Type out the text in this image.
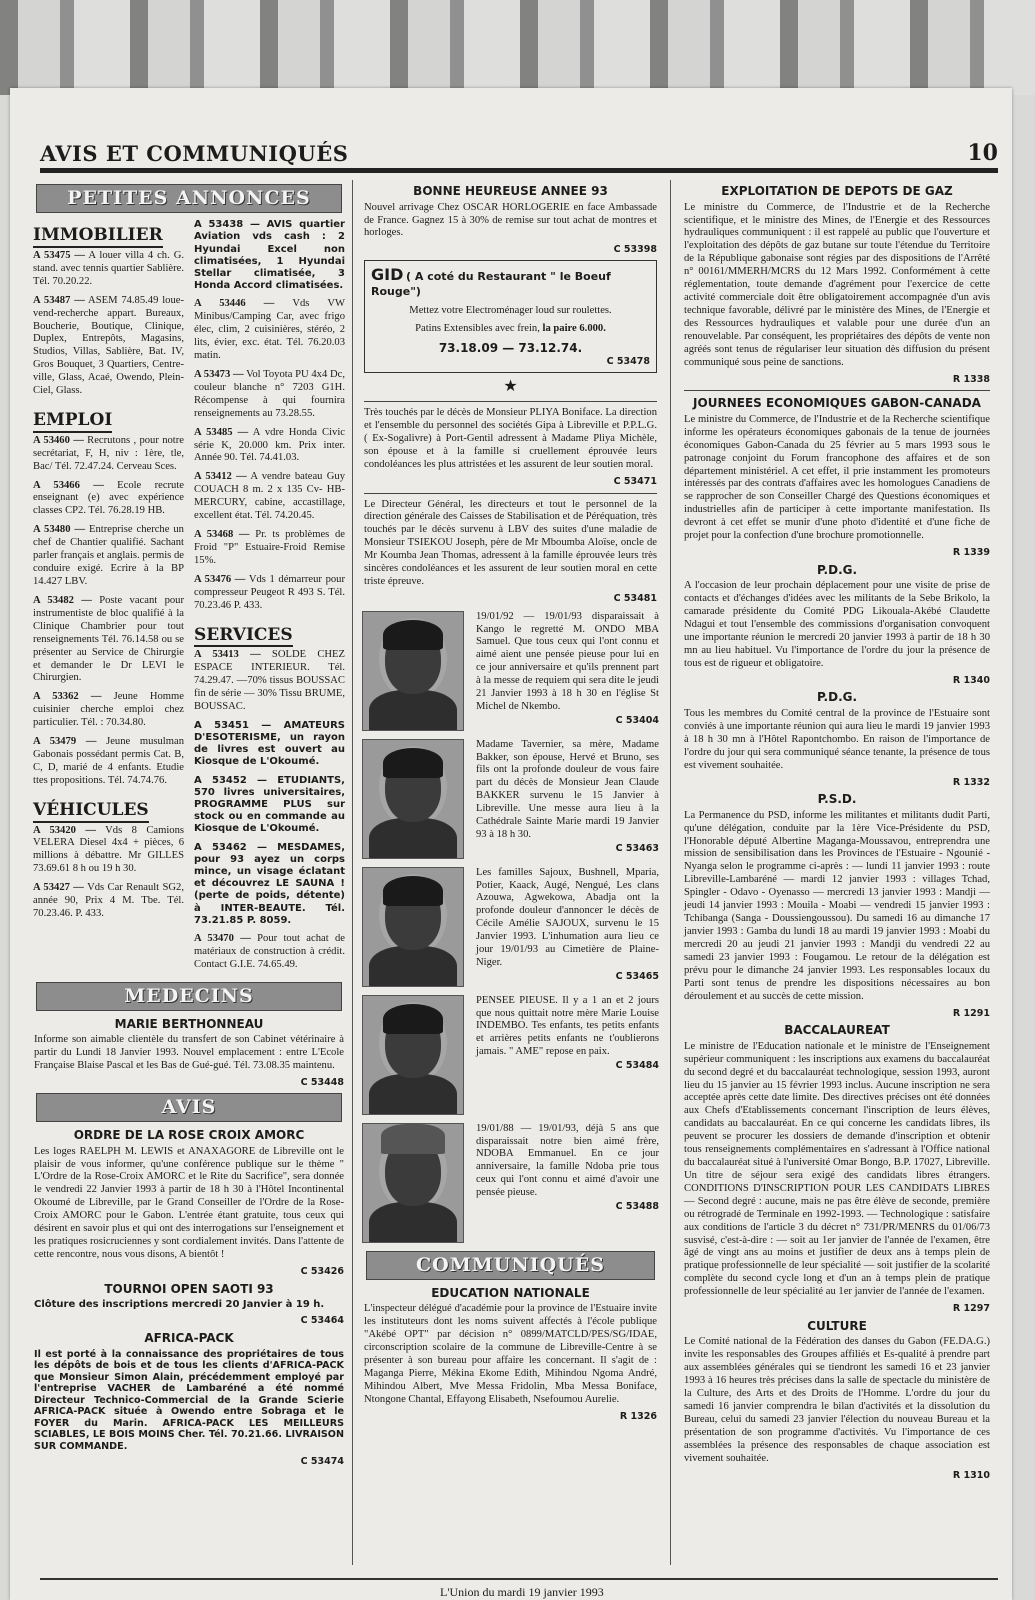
AVIS ET COMMUNIQUÉS	10
PETITES ANNONCES
IMMOBILIER
A 53475 — A louer villa 4 ch. G. stand. avec tennis quartier Sablière. Tél. 70.20.22.
A 53487 — ASEM 74.85.49 loue-vend-recherche appart. Bureaux, Boucherie, Boutique, Clinique, Duplex, Entrepôts, Magasins, Studios, Villas, Sablière, Bat. IV, Gros Bouquet, 3 Quartiers, Centre-ville, Glass, Acaé, Owendo, Plein-Ciel, Glass.
EMPLOI
A 53460 — Recrutons , pour notre secrétariat, F, H, niv : 1ère, tle, Bac/ Tél. 72.47.24. Cerveau Sces.
A 53466 — Ecole recrute enseignant (e) avec expérience classes CP2. Tél. 76.28.19 HB.
A 53480 — Entreprise cherche un chef de Chantier qualifié. Sachant parler français et anglais. permis de conduire exigé. Ecrire à la BP 14.427 LBV.
A 53482 — Poste vacant pour instrumentiste de bloc qualifié à la Clinique Chambrier pour tout renseignements Tél. 76.14.58 ou se présenter au Service de Chirurgie et demander le Dr LEVI le Chirurgien.
A 53362 — Jeune Homme cuisinier cherche emploi chez particulier. Tél. : 70.34.80.
A 53479 — Jeune musulman Gabonais possédant permis Cat. B, C, D, marié de 4 enfants. Etudie ttes propositions. Tél. 74.74.76.
VÉHICULES
A 53420 — Vds 8 Camions VELERA Diesel 4x4 + pièces, 6 millions à débattre. Mr GILLES 73.69.61 8 h ou 19 h 30.
A 53427 — Vds Car Renault SG2, année 90, Prix 4 M. Tbe. Tél. 70.23.46. P. 433.
A 53438 — AVIS quartier Aviation vds cash : 2 Hyundai Excel non climatisées, 1 Hyundai Stellar climatisée, 3 Honda Accord climatisées.
A 53446 — Vds VW Minibus/Camping Car, avec frigo élec, clim, 2 cuisinières, stéréo, 2 lits, évier, exc. état. Tél. 76.20.03 matin.
A 53473 — Vol Toyota PU 4x4 Dc, couleur blanche n° 7203 G1H. Récompense à qui fournira renseignements au 73.28.55.
A 53485 — A vdre Honda Civic série K, 20.000 km. Prix inter. Année 90. Tél. 74.41.03.
A 53412 — A vendre bateau Guy COUACH 8 m. 2 x 135 Cv- HB- MERCURY, cabine, accastillage, excellent état. Tél. 74.20.45.
A 53468 — Pr. ts problèmes de Froid "P" Estuaire-Froid Remise 15%.
A 53476 — Vds 1 démarreur pour compresseur Peugeot R 493 S. Tél. 70.23.46 P. 433.
SERVICES
A 53413 — SOLDE CHEZ ESPACE INTERIEUR. Tél. 74.29.47. —70% tissus BOUSSAC fin de série — 30% Tissu BRUME, BOUSSAC.
A 53451 — AMATEURS D'ESOTERISME, un rayon de livres est ouvert au Kiosque de L'Okoumé.
A 53452 — ETUDIANTS, 570 livres universitaires, PROGRAMME PLUS sur stock ou en commande au Kiosque de L'Okoumé.
A 53462 — MESDAMES, pour 93 ayez un corps mince, un visage éclatant et découvrez LE SAUNA ! (perte de poids, détente) à INTER-BEAUTE. Tél. 73.21.85 P. 8059.
A 53470 — Pour tout achat de matériaux de construction à crédit. Contact G.I.E. 74.65.49.
MEDECINS
MARIE BERTHONNEAU
Informe son aimable clientèle du transfert de son Cabinet vétérinaire à partir du Lundi 18 Janvier 1993. Nouvel emplacement : entre L'Ecole Française Blaise Pascal et les Bas de Gué-gué. Tél. 73.08.35 maintenu.
C 53448
AVIS
ORDRE DE LA ROSE CROIX AMORC
Les loges RAELPH M. LEWIS et ANAXAGORE de Libreville ont le plaisir de vous informer, qu'une conférence publique sur le thème " L'Ordre de la Rose-Croix AMORC et le Rite du Sacrifice", sera donnée le vendredi 22 Janvier 1993 à partir de 18 h 30 à l'Hôtel Incontinental Okoumé de Libreville, par le Grand Conseiller de l'Ordre de la Rose-Croix AMORC pour le Gabon. L'entrée étant gratuite, tous ceux qui désirent en savoir plus et qui ont des interrogations sur l'enseignement et les pratiques rosicruciennes y sont cordialement invités. Dans l'attente de cette rencontre, nous vous disons, A bientôt !
C 53426
TOURNOI OPEN SAOTI 93
Clôture des inscriptions mercredi 20 Janvier à 19 h.
C 53464
AFRICA-PACK
Il est porté à la connaissance des propriétaires de tous les dépôts de bois et de tous les clients d'AFRICA-PACK que Monsieur Simon Alain, précédemment employé par l'entreprise VACHER de Lambaréné a été nommé Directeur Technico-Commercial de la Grande Scierie AFRICA-PACK située à Owendo entre Sobraga et le FOYER du Marin. AFRICA-PACK LES MEILLEURS SCIABLES, LE BOIS MOINS Cher. Tél. 70.21.66. LIVRAISON SUR COMMANDE.
C 53474
BONNE HEUREUSE ANNEE 93
Nouvel arrivage Chez OSCAR HORLOGERIE en face Ambassade de France. Gagnez 15 à 30% de remise sur tout achat de montres et horloges.
C 53398
GID ( A coté du Restaurant " le Boeuf Rouge")
Mettez votre Electroménager loud sur roulettes.
Patins Extensibles avec frein, la paire 6.000.
73.18.09 — 73.12.74.
C 53478
★
Très touchés par le décès de Monsieur PLIYA Boniface. La direction et l'ensemble du personnel des sociétés Gipa à Libreville et P.P.L.G. ( Ex-Sogalivre) à Port-Gentil adressent à Madame Pliya Michèle, son épouse et à la famille si cruellement éprouvée leurs condoléances les plus attristées et les assurent de leur soutien moral.
C 53471
Le Directeur Général, les directeurs et tout le personnel de la direction générale des Caisses de Stabilisation et de Péréquation, très touchés par le décès survenu à LBV des suites d'une maladie de Monsieur TSIEKOU Joseph, père de Mr Mboumba Aloïse, oncle de Mr Koumba Jean Thomas, adressent à la famille éprouvée leurs très sincères condoléances et les assurent de leur soutien moral en cette triste épreuve.
C 53481
19/01/92 — 19/01/93 disparaissait à Kango le regretté M. ONDO MBA Samuel. Que tous ceux qui l'ont connu et aimé aient une pensée pieuse pour lui en ce jour anniversaire et qu'ils prennent part à la messe de requiem qui sera dite le jeudi 21 Janvier 1993 à 18 h 30 en l'église St Michel de Nkembo.
C 53404
Madame Tavernier, sa mère, Madame Bakker, son épouse, Hervé et Bruno, ses fils ont la profonde douleur de vous faire part du décès de Monsieur Jean Claude BAKKER survenu le 15 Janvier à Libreville. Une messe aura lieu à la Cathédrale Sainte Marie mardi 19 Janvier 93 à 18 h 30.
C 53463
Les familles Sajoux, Bushnell, Mparia, Potier, Kaack, Augé, Nengué, Les clans Azouwa, Agwekowa, Abadja ont la profonde douleur d'annoncer le décès de Cécile Amélie SAJOUX, survenu le 15 Janvier 1993. L'inhumation aura lieu ce jour 19/01/93 au Cimetière de Plaine-Niger.
C 53465
PENSEE PIEUSE. Il y a 1 an et 2 jours que nous quittait notre mère Marie Louise INDEMBO. Tes enfants, tes petits enfants et arrières petits enfants ne t'oublierons jamais. " AME" repose en paix.
C 53484
19/01/88 — 19/01/93, déjà 5 ans que disparaissait notre bien aimé frère, NDOBA Emmanuel. En ce jour anniversaire, la famille Ndoba prie tous ceux qui l'ont connu et aimé d'avoir une pensée pieuse.
C 53488
COMMUNIQUÉS
EDUCATION NATIONALE
L'inspecteur délégué d'académie pour la province de l'Estuaire invite les instituteurs dont les noms suivent affectés à l'école publique "Akébé OPT" par décision n° 0899/MATCLD/PES/SG/IDAE, circonscription scolaire de la commune de Libreville-Centre à se présenter à son bureau pour affaire les concernant. Il s'agit de : Maganga Pierre, Mékina Ekome Edith, Mihindou Ngoma André, Mihindou Albert, Mve Messa Fridolin, Mba Messa Boniface, Ntongone Chantal, Effayong Elisabeth, Nsefoumou Aurelie.
R 1326
EXPLOITATION DE DEPOTS DE GAZ
Le ministre du Commerce, de l'Industrie et de la Recherche scientifique, et le ministre des Mines, de l'Energie et des Ressources hydrauliques communiquent : il est rappelé au public que l'ouverture et l'exploitation des dépôts de gaz butane sur toute l'étendue du Territoire de la République gabonaise sont régies par des dispositions de l'Arrêté n° 00161/MMERH/MCRS du 12 Mars 1992. Conformément à cette réglementation, toute demande d'agrément pour l'exercice de cette activité commerciale doit être obligatoirement accompagnée d'un avis technique favorable, délivré par le ministère des Mines, de l'Energie et des Ressources hydrauliques et valable pour une durée d'un an renouvelable. Par conséquent, les propriétaires des dépôts de vente non agréés sont tenus de régulariser leur situation dès diffusion du présent communiqué sous peine de sanctions.
R 1338
JOURNEES ECONOMIQUES GABON-CANADA
Le ministre du Commerce, de l'Industrie et de la Recherche scientifique informe les opérateurs économiques gabonais de la tenue de journées économiques Gabon-Canada du 25 février au 5 mars 1993 sous le patronage conjoint du Forum francophone des affaires et de son département ministériel. A cet effet, il prie instamment les promoteurs intéressés par des contrats d'affaires avec les homologues Canadiens de se rapprocher de son Conseiller Chargé des Questions économiques et industrielles afin de participer à cette importante manifestation. Ils devront à cet effet se munir d'une photo d'identité et d'une fiche de projet pour la confection d'une brochure promotionnelle.
R 1339
P.D.G.
A l'occasion de leur prochain déplacement pour une visite de prise de contacts et d'échanges d'idées avec les militants de la Sebe Brikolo, la camarade présidente du Comité PDG Likouala-Akébé Claudette Ndagui et tout l'ensemble des commissions d'organisation convoquent une importante réunion le mercredi 20 janvier 1993 à partir de 18 h 30 mn au lieu habituel. Vu l'importance de l'ordre du jour la présence de tous est de rigueur et obligatoire.
R 1340
P.D.G.
Tous les membres du Comité central de la province de l'Estuaire sont conviés à une importante réunion qui aura lieu le mardi 19 janvier 1993 à 18 h 30 mn à l'Hôtel Rapontchombo. En raison de l'importance de l'ordre du jour qui sera communiqué séance tenante, la présence de tous est vivement souhaitée.
R 1332
P.S.D.
La Permanence du PSD, informe les militantes et militants dudit Parti, qu'une délégation, conduite par la 1ère Vice-Présidente du PSD, l'Honorable député Albertine Maganga-Moussavou, entreprendra une mission de sensibilisation dans les Provinces de l'Estuaire - Ngounié - Nyanga selon le programme ci-après : — lundi 11 janvier 1993 : route Libreville-Lambaréné — mardi 12 janvier 1993 : villages Tchad, Spingler - Odavo - Oyenasso — mercredi 13 janvier 1993 : Mandji — jeudi 14 janvier 1993 : Mouila - Moabi — vendredi 15 janvier 1993 : Tchibanga (Sanga - Doussiengoussou). Du samedi 16 au dimanche 17 janvier 1993 : Gamba du lundi 18 au mardi 19 janvier 1993 : Moabi du mercredi 20 au jeudi 21 janvier 1993 : Mandji du vendredi 22 au samedi 23 janvier 1993 : Fougamou. Le retour de la délégation est prévu pour le dimanche 24 janvier 1993. Les responsables locaux du Parti sont tenus de prendre les dispositions nécessaires au bon déroulement et au succès de cette mission.
R 1291
BACCALAUREAT
Le ministre de l'Education nationale et le ministre de l'Enseignement supérieur communiquent : les inscriptions aux examens du baccalauréat du second degré et du baccalauréat technologique, session 1993, auront lieu du 15 janvier au 15 février 1993 inclus. Aucune inscription ne sera acceptée après cette date limite. Des directives précises ont été données aux Chefs d'Etablissements concernant l'inscription de leurs élèves, candidats au baccalauréat. En ce qui concerne les candidats libres, ils peuvent se procurer les dossiers de demande d'inscription et obtenir tous renseignements complémentaires en s'adressant à l'Office national du baccalauréat situé à l'université Omar Bongo, B.P. 17027, Libreville. Un titre de séjour sera exigé des candidats libres étrangers. CONDITIONS D'INSCRIPTION POUR LES CANDIDATS LIBRES — Second degré : aucune, mais ne pas être élève de seconde, première ou rétrogradé de Terminale en 1992-1993. — Technologique : satisfaire aux conditions de l'article 3 du décret n° 731/PR/MENRS du 01/06/73 susvisé, c'est-à-dire : — soit au 1er janvier de l'année de l'examen, être âgé de vingt ans au moins et justifier de deux ans à temps plein de pratique professionnelle de leur spécialité — soit justifier de la scolarité complète du second cycle long et d'un an à temps plein de pratique professionnelle de leur spécialité au 1er janvier de l'année de l'examen.
R 1297
CULTURE
Le Comité national de la Fédération des danses du Gabon (FE.DA.G.) invite les responsables des Groupes affiliés et Es-qualité à prendre part aux assemblées générales qui se tiendront les samedi 16 et 23 janvier 1993 à 16 heures très précises dans la salle de spectacle du ministère de la Culture, des Arts et des Droits de l'Homme. L'ordre du jour du samedi 16 janvier comprendra le bilan d'activités et la dissolution du Bureau, celui du samedi 23 janvier l'élection du nouveau Bureau et la présentation de son programme d'activités. Vu l'importance de ces assemblées la présence des responsables de chaque association est vivement souhaitée.
R 1310
L'Union du mardi 19 janvier 1993
